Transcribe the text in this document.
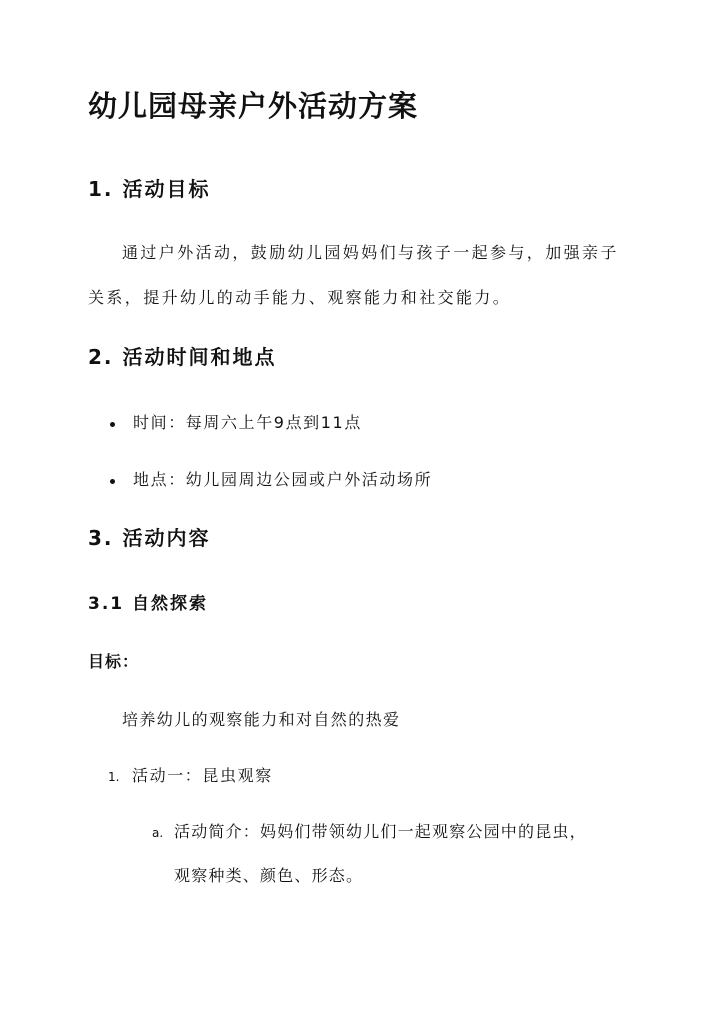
幼儿园母亲户外活动方案
1. 活动目标
通过户外活动，鼓励幼儿园妈妈们与孩子一起参与，加强亲子
关系，提升幼儿的动手能力、观察能力和社交能力。
2. 活动时间和地点
时间：每周六上午9点到11点
地点：幼儿园周边公园或户外活动场所
3. 活动内容
3.1 自然探索
目标：
培养幼儿的观察能力和对自然的热爱
1. 活动一：昆虫观察
a. 活动简介：妈妈们带领幼儿们一起观察公园中的昆虫，
观察种类、颜色、形态。
